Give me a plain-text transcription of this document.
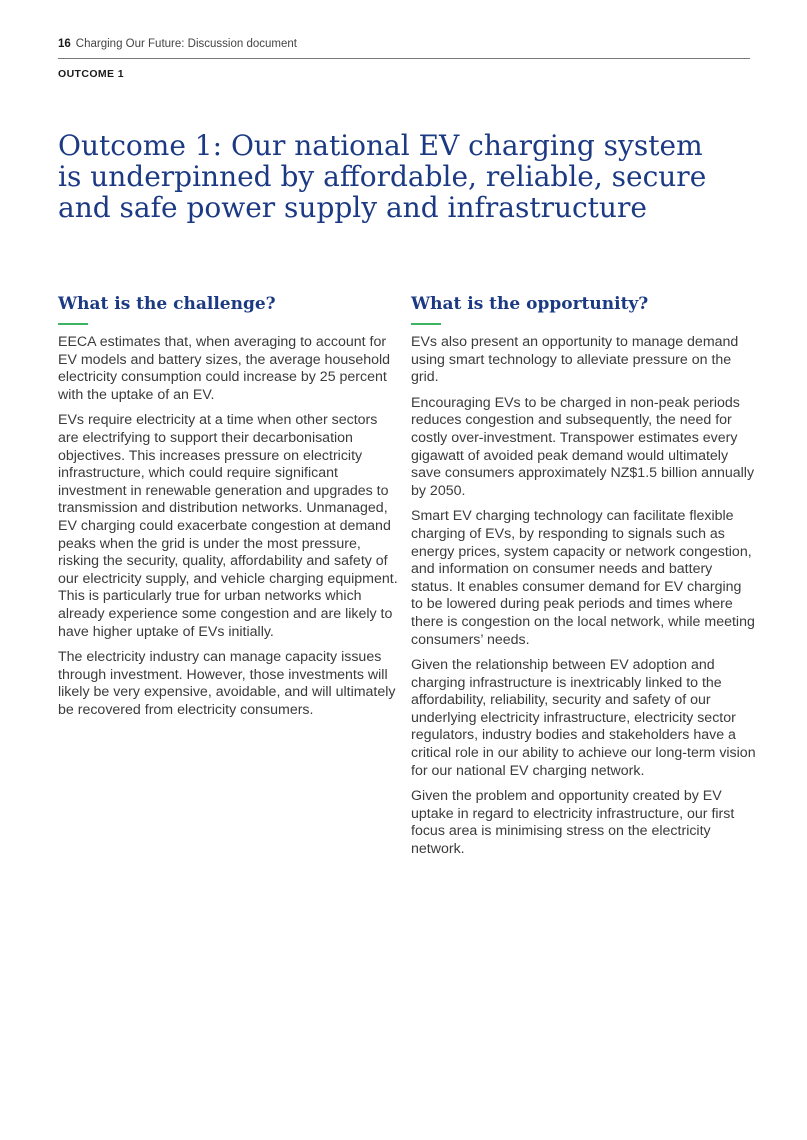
16 Charging Our Future: Discussion document
OUTCOME 1
Outcome 1: Our national EV charging system is underpinned by affordable, reliable, secure and safe power supply and infrastructure
What is the challenge?

EECA estimates that, when averaging to account for EV models and battery sizes, the average household electricity consumption could increase by 25 percent with the uptake of an EV.

EVs require electricity at a time when other sectors are electrifying to support their decarbonisation objectives. This increases pressure on electricity infrastructure, which could require significant investment in renewable generation and upgrades to transmission and distribution networks. Unmanaged, EV charging could exacerbate congestion at demand peaks when the grid is under the most pressure, risking the security, quality, affordability and safety of our electricity supply, and vehicle charging equipment. This is particularly true for urban networks which already experience some congestion and are likely to have higher uptake of EVs initially.

The electricity industry can manage capacity issues through investment. However, those investments will likely be very expensive, avoidable, and will ultimately be recovered from electricity consumers.

What is the opportunity?

EVs also present an opportunity to manage demand using smart technology to alleviate pressure on the grid.

Encouraging EVs to be charged in non-peak periods reduces congestion and subsequently, the need for costly over-investment. Transpower estimates every gigawatt of avoided peak demand would ultimately save consumers approximately NZ$1.5 billion annually by 2050.

Smart EV charging technology can facilitate flexible charging of EVs, by responding to signals such as energy prices, system capacity or network congestion, and information on consumer needs and battery status. It enables consumer demand for EV charging to be lowered during peak periods and times where there is congestion on the local network, while meeting consumers’ needs.

Given the relationship between EV adoption and charging infrastructure is inextricably linked to the affordability, reliability, security and safety of our underlying electricity infrastructure, electricity sector regulators, industry bodies and stakeholders have a critical role in our ability to achieve our long-term vision for our national EV charging network.

Given the problem and opportunity created by EV uptake in regard to electricity infrastructure, our first focus area is minimising stress on the electricity network.
